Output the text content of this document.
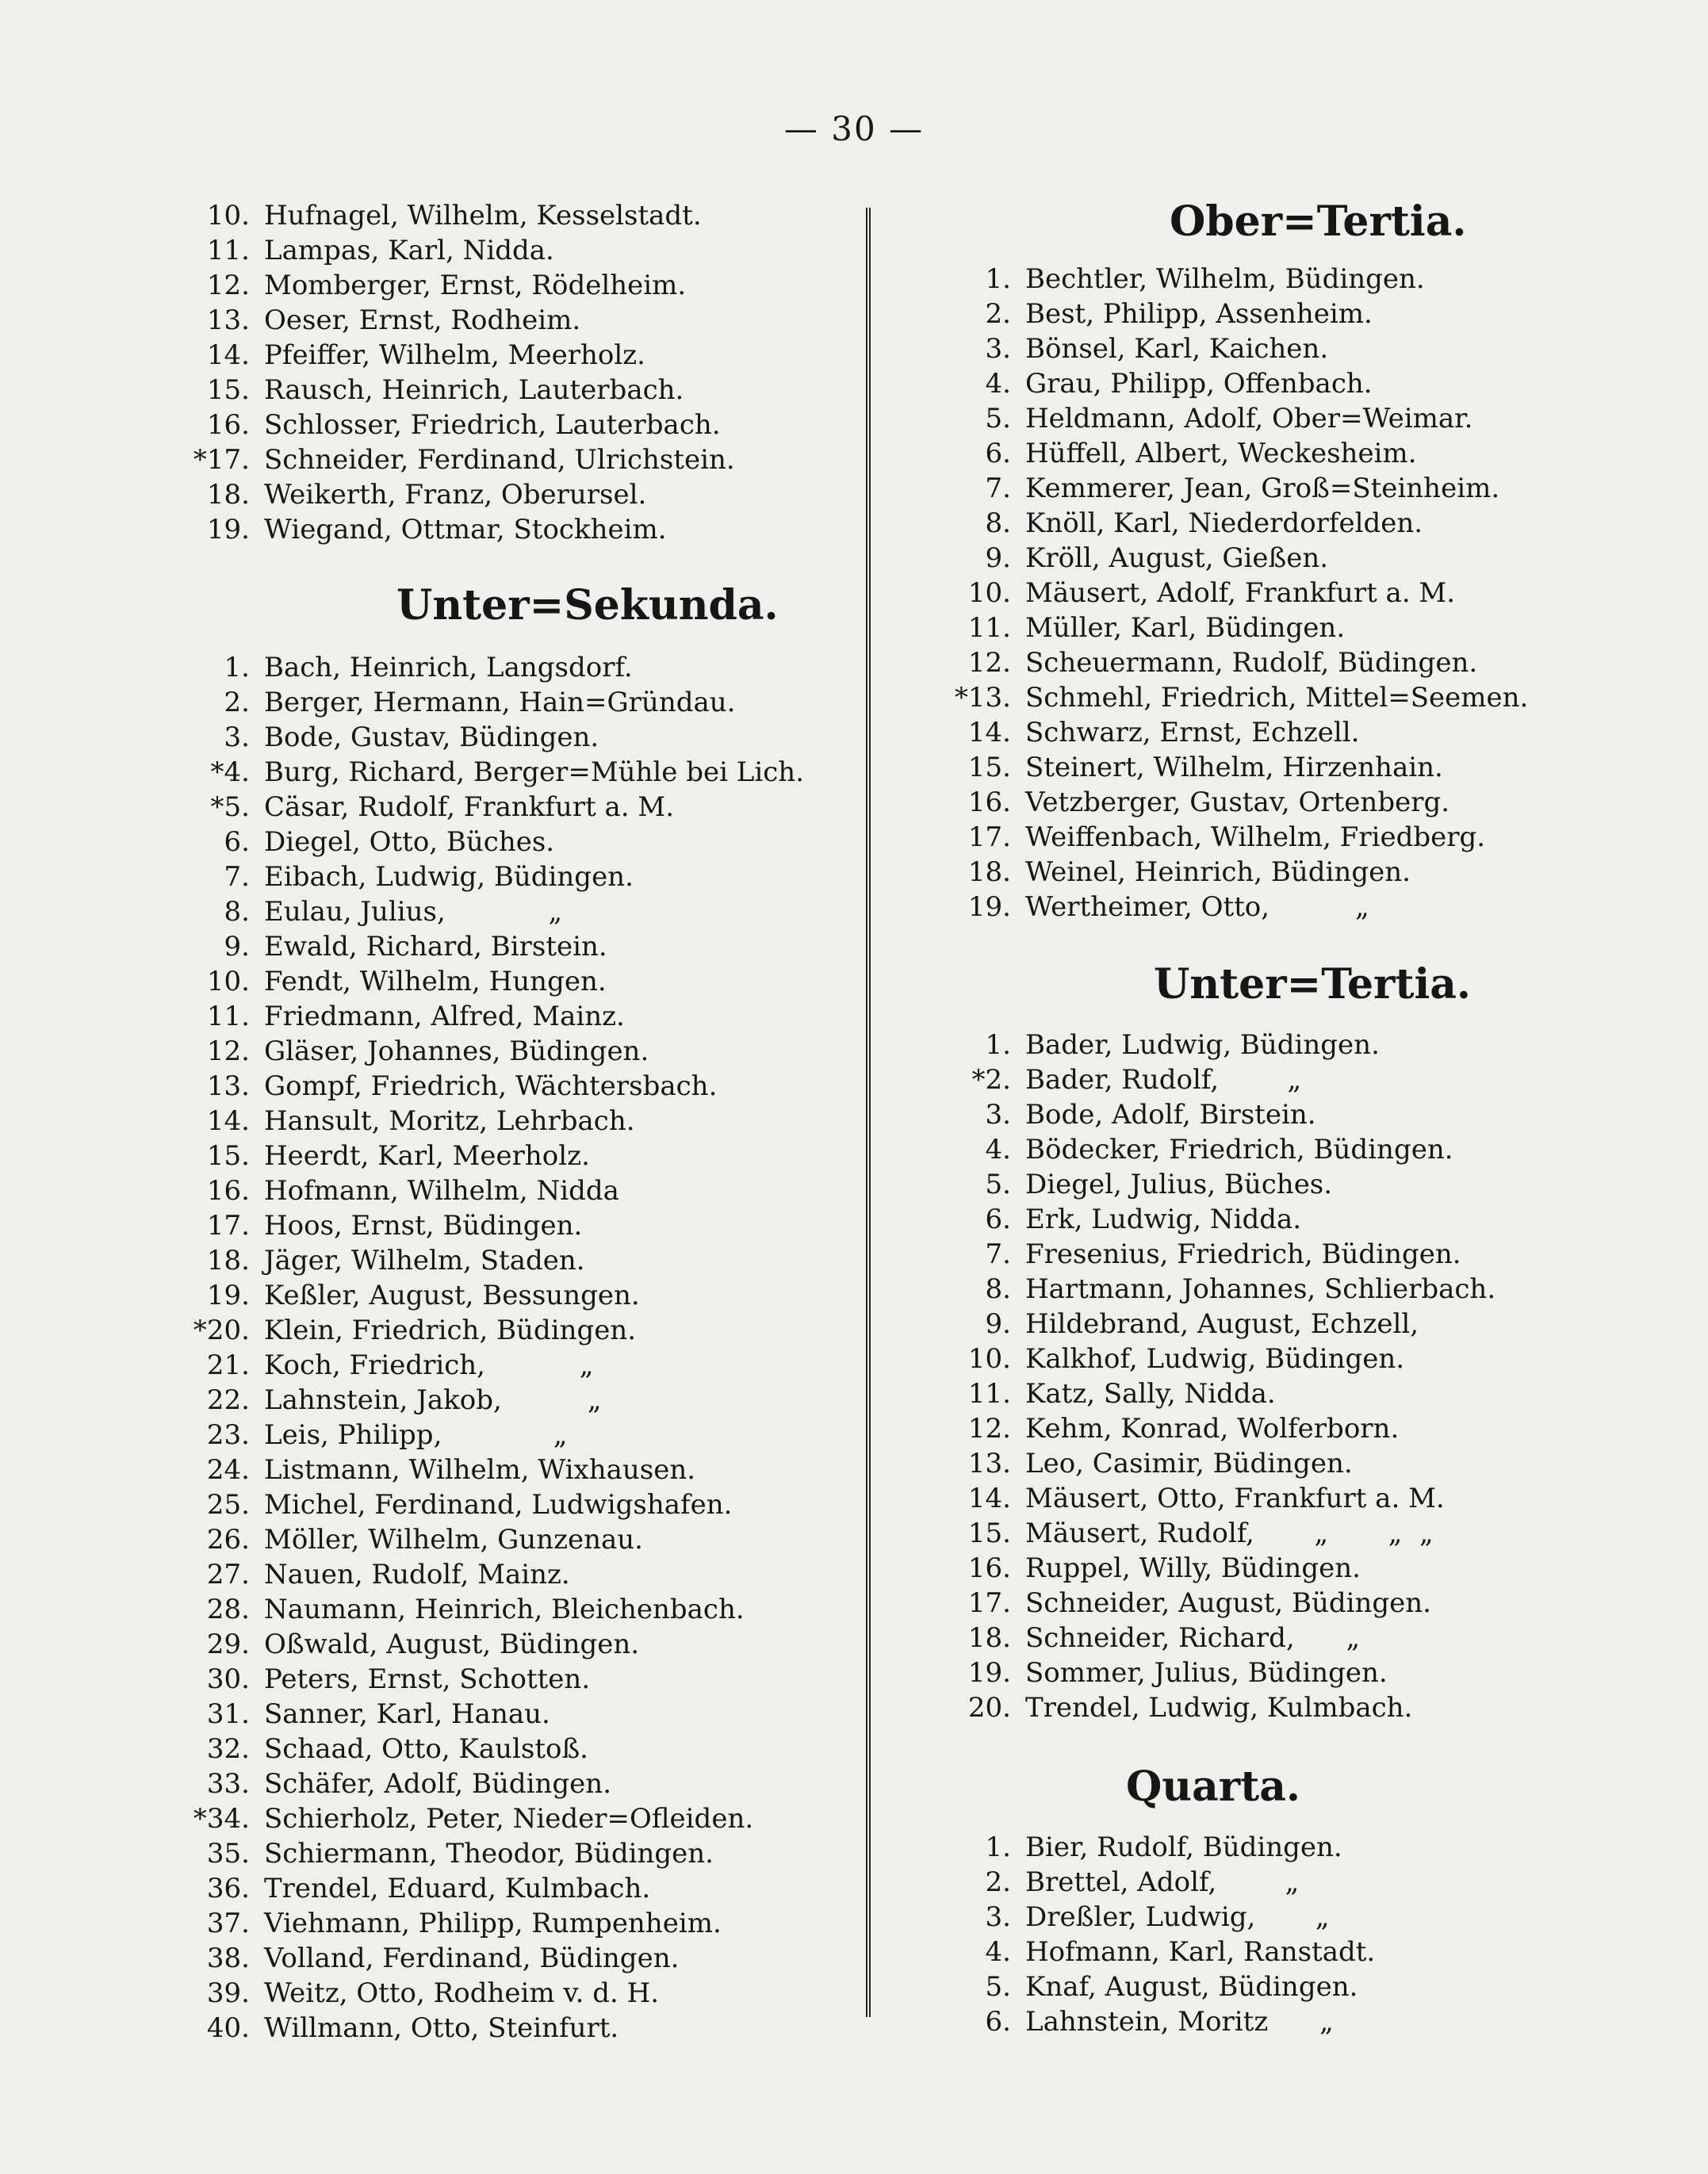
— 30 —
10. Hufnagel, Wilhelm, Kesselstadt.
11. Lampas, Karl, Nidda.
12. Momberger, Ernst, Rödelheim.
13. Oeser, Ernst, Rodheim.
14. Pfeiffer, Wilhelm, Meerholz.
15. Rausch, Heinrich, Lauterbach.
16. Schlosser, Friedrich, Lauterbach.
*17. Schneider, Ferdinand, Ulrichstein.
18. Weikerth, Franz, Oberursel.
19. Wiegand, Ottmar, Stockheim.
Unter=Sekunda.
1. Bach, Heinrich, Langsdorf.
2. Berger, Hermann, Hain=Gründau.
3. Bode, Gustav, Büdingen.
*4. Burg, Richard, Berger=Mühle bei Lich.
*5. Cäsar, Rudolf, Frankfurt a. M.
6. Diegel, Otto, Büches.
7. Eibach, Ludwig, Büdingen.
8. Eulau, Julius,            „
9. Ewald, Richard, Birstein.
10. Fendt, Wilhelm, Hungen.
11. Friedmann, Alfred, Mainz.
12. Gläser, Johannes, Büdingen.
13. Gompf, Friedrich, Wächtersbach.
14. Hansult, Moritz, Lehrbach.
15. Heerdt, Karl, Meerholz.
16. Hofmann, Wilhelm, Nidda
17. Hoos, Ernst, Büdingen.
18. Jäger, Wilhelm, Staden.
19. Keßler, August, Bessungen.
*20. Klein, Friedrich, Büdingen.
21. Koch, Friedrich,           „
22. Lahnstein, Jakob,          „
23. Leis, Philipp,             „
24. Listmann, Wilhelm, Wixhausen.
25. Michel, Ferdinand, Ludwigshafen.
26. Möller, Wilhelm, Gunzenau.
27. Nauen, Rudolf, Mainz.
28. Naumann, Heinrich, Bleichenbach.
29. Oßwald, August, Büdingen.
30. Peters, Ernst, Schotten.
31. Sanner, Karl, Hanau.
32. Schaad, Otto, Kaulstoß.
33. Schäfer, Adolf, Büdingen.
*34. Schierholz, Peter, Nieder=Ofleiden.
35. Schiermann, Theodor, Büdingen.
36. Trendel, Eduard, Kulmbach.
37. Viehmann, Philipp, Rumpenheim.
38. Volland, Ferdinand, Büdingen.
39. Weitz, Otto, Rodheim v. d. H.
40. Willmann, Otto, Steinfurt.
Ober=Tertia.
1. Bechtler, Wilhelm, Büdingen.
2. Best, Philipp, Assenheim.
3. Bönsel, Karl, Kaichen.
4. Grau, Philipp, Offenbach.
5. Heldmann, Adolf, Ober=Weimar.
6. Hüffell, Albert, Weckesheim.
7. Kemmerer, Jean, Groß=Steinheim.
8. Knöll, Karl, Niederdorfelden.
9. Kröll, August, Gießen.
10. Mäusert, Adolf, Frankfurt a. M.
11. Müller, Karl, Büdingen.
12. Scheuermann, Rudolf, Büdingen.
*13. Schmehl, Friedrich, Mittel=Seemen.
14. Schwarz, Ernst, Echzell.
15. Steinert, Wilhelm, Hirzenhain.
16. Vetzberger, Gustav, Ortenberg.
17. Weiffenbach, Wilhelm, Friedberg.
18. Weinel, Heinrich, Büdingen.
19. Wertheimer, Otto,          „
Unter=Tertia.
1. Bader, Ludwig, Büdingen.
*2. Bader, Rudolf,        „
3. Bode, Adolf, Birstein.
4. Bödecker, Friedrich, Büdingen.
5. Diegel, Julius, Büches.
6. Erk, Ludwig, Nidda.
7. Fresenius, Friedrich, Büdingen.
8. Hartmann, Johannes, Schlierbach.
9. Hildebrand, August, Echzell,
10. Kalkhof, Ludwig, Büdingen.
11. Katz, Sally, Nidda.
12. Kehm, Konrad, Wolferborn.
13. Leo, Casimir, Büdingen.
14. Mäusert, Otto, Frankfurt a. M.
15. Mäusert, Rudolf,       „       „  „
16. Ruppel, Willy, Büdingen.
17. Schneider, August, Büdingen.
18. Schneider, Richard,      „
19. Sommer, Julius, Büdingen.
20. Trendel, Ludwig, Kulmbach.
Quarta.
1. Bier, Rudolf, Büdingen.
2. Brettel, Adolf,        „
3. Dreßler, Ludwig,       „
4. Hofmann, Karl, Ranstadt.
5. Knaf, August, Büdingen.
6. Lahnstein, Moritz      „
